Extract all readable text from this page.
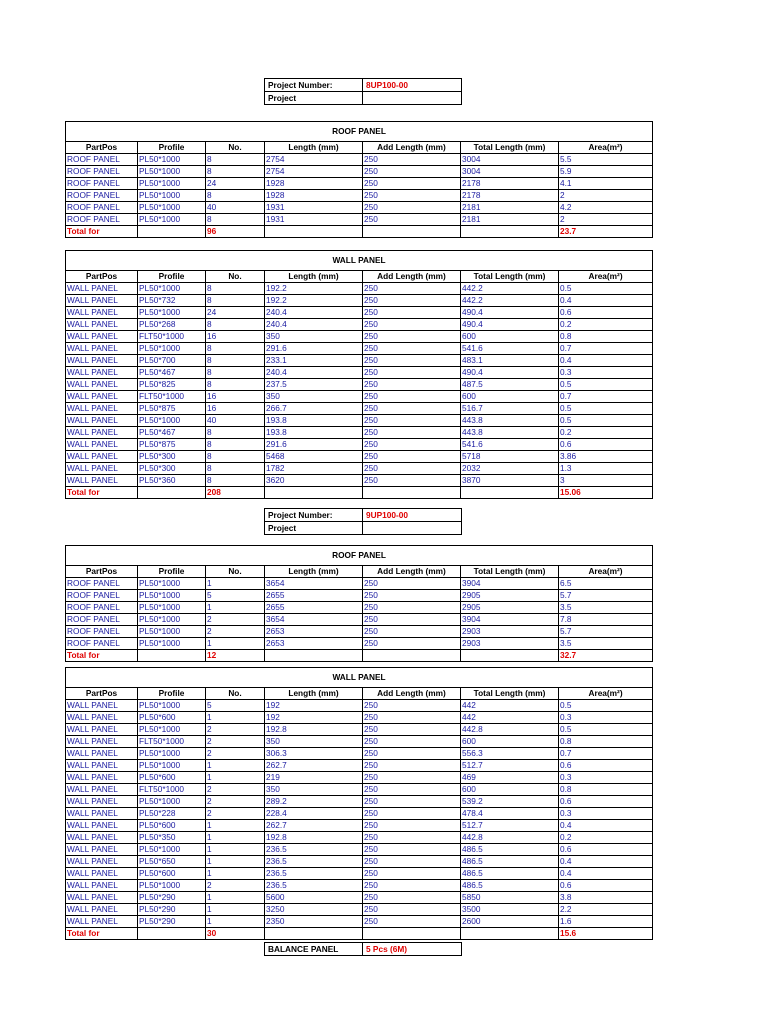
Project Number:	8UP100-00
Project	
ROOF PANEL						
PartPos	Profile	No.	Length (mm)	Add Length (mm)	Total Length (mm)	Area(m²)
ROOF PANEL	PL50*1000	8	2754	250	3004	5.5
ROOF PANEL	PL50*1000	8	2754	250	3004	5.9
ROOF PANEL	PL50*1000	24	1928	250	2178	4.1
ROOF PANEL	PL50*1000	8	1928	250	2178	2
ROOF PANEL	PL50*1000	40	1931	250	2181	4.2
ROOF PANEL	PL50*1000	8	1931	250	2181	2
Total for		96				23.7
WALL PANEL						
PartPos	Profile	No.	Length (mm)	Add Length (mm)	Total Length (mm)	Area(m²)
WALL PANEL	PL50*1000	8	192.2	250	442.2	0.5
WALL PANEL	PL50*732	8	192.2	250	442.2	0.4
WALL PANEL	PL50*1000	24	240.4	250	490.4	0.6
WALL PANEL	PL50*268	8	240.4	250	490.4	0.2
WALL PANEL	FLT50*1000	16	350	250	600	0.8
WALL PANEL	PL50*1000	8	291.6	250	541.6	0.7
WALL PANEL	PL50*700	8	233.1	250	483.1	0.4
WALL PANEL	PL50*467	8	240.4	250	490.4	0.3
WALL PANEL	PL50*825	8	237.5	250	487.5	0.5
WALL PANEL	FLT50*1000	16	350	250	600	0.7
WALL PANEL	PL50*875	16	266.7	250	516.7	0.5
WALL PANEL	PL50*1000	40	193.8	250	443.8	0.5
WALL PANEL	PL50*467	8	193.8	250	443.8	0.2
WALL PANEL	PL50*875	8	291.6	250	541.6	0.6
WALL PANEL	PL50*300	8	5468	250	5718	3.86
WALL PANEL	PL50*300	8	1782	250	2032	1.3
WALL PANEL	PL50*360	8	3620	250	3870	3
Total for		208				15.06
Project Number:	9UP100-00
Project	
ROOF PANEL						
PartPos	Profile	No.	Length (mm)	Add Length (mm)	Total Length (mm)	Area(m²)
ROOF PANEL	PL50*1000	1	3654	250	3904	6.5
ROOF PANEL	PL50*1000	5	2655	250	2905	5.7
ROOF PANEL	PL50*1000	1	2655	250	2905	3.5
ROOF PANEL	PL50*1000	2	3654	250	3904	7.8
ROOF PANEL	PL50*1000	2	2653	250	2903	5.7
ROOF PANEL	PL50*1000	1	2653	250	2903	3.5
Total for		12				32.7
WALL PANEL						
PartPos	Profile	No.	Length (mm)	Add Length (mm)	Total Length (mm)	Area(m²)
WALL PANEL	PL50*1000	5	192	250	442	0.5
WALL PANEL	PL50*600	1	192	250	442	0.3
WALL PANEL	PL50*1000	2	192.8	250	442.8	0.5
WALL PANEL	FLT50*1000	2	350	250	600	0.8
WALL PANEL	PL50*1000	2	306.3	250	556.3	0.7
WALL PANEL	PL50*1000	1	262.7	250	512.7	0.6
WALL PANEL	PL50*600	1	219	250	469	0.3
WALL PANEL	FLT50*1000	2	350	250	600	0.8
WALL PANEL	PL50*1000	2	289.2	250	539.2	0.6
WALL PANEL	PL50*228	2	228.4	250	478.4	0.3
WALL PANEL	PL50*600	1	262.7	250	512.7	0.4
WALL PANEL	PL50*350	1	192.8	250	442.8	0.2
WALL PANEL	PL50*1000	1	236.5	250	486.5	0.6
WALL PANEL	PL50*650	1	236.5	250	486.5	0.4
WALL PANEL	PL50*600	1	236.5	250	486.5	0.4
WALL PANEL	PL50*1000	2	236.5	250	486.5	0.6
WALL PANEL	PL50*290	1	5600	250	5850	3.8
WALL PANEL	PL50*290	1	3250	250	3500	2.2
WALL PANEL	PL50*290	1	2350	250	2600	1.6
Total for		30				15.6
BALANCE PANEL	5 Pcs (6M)
